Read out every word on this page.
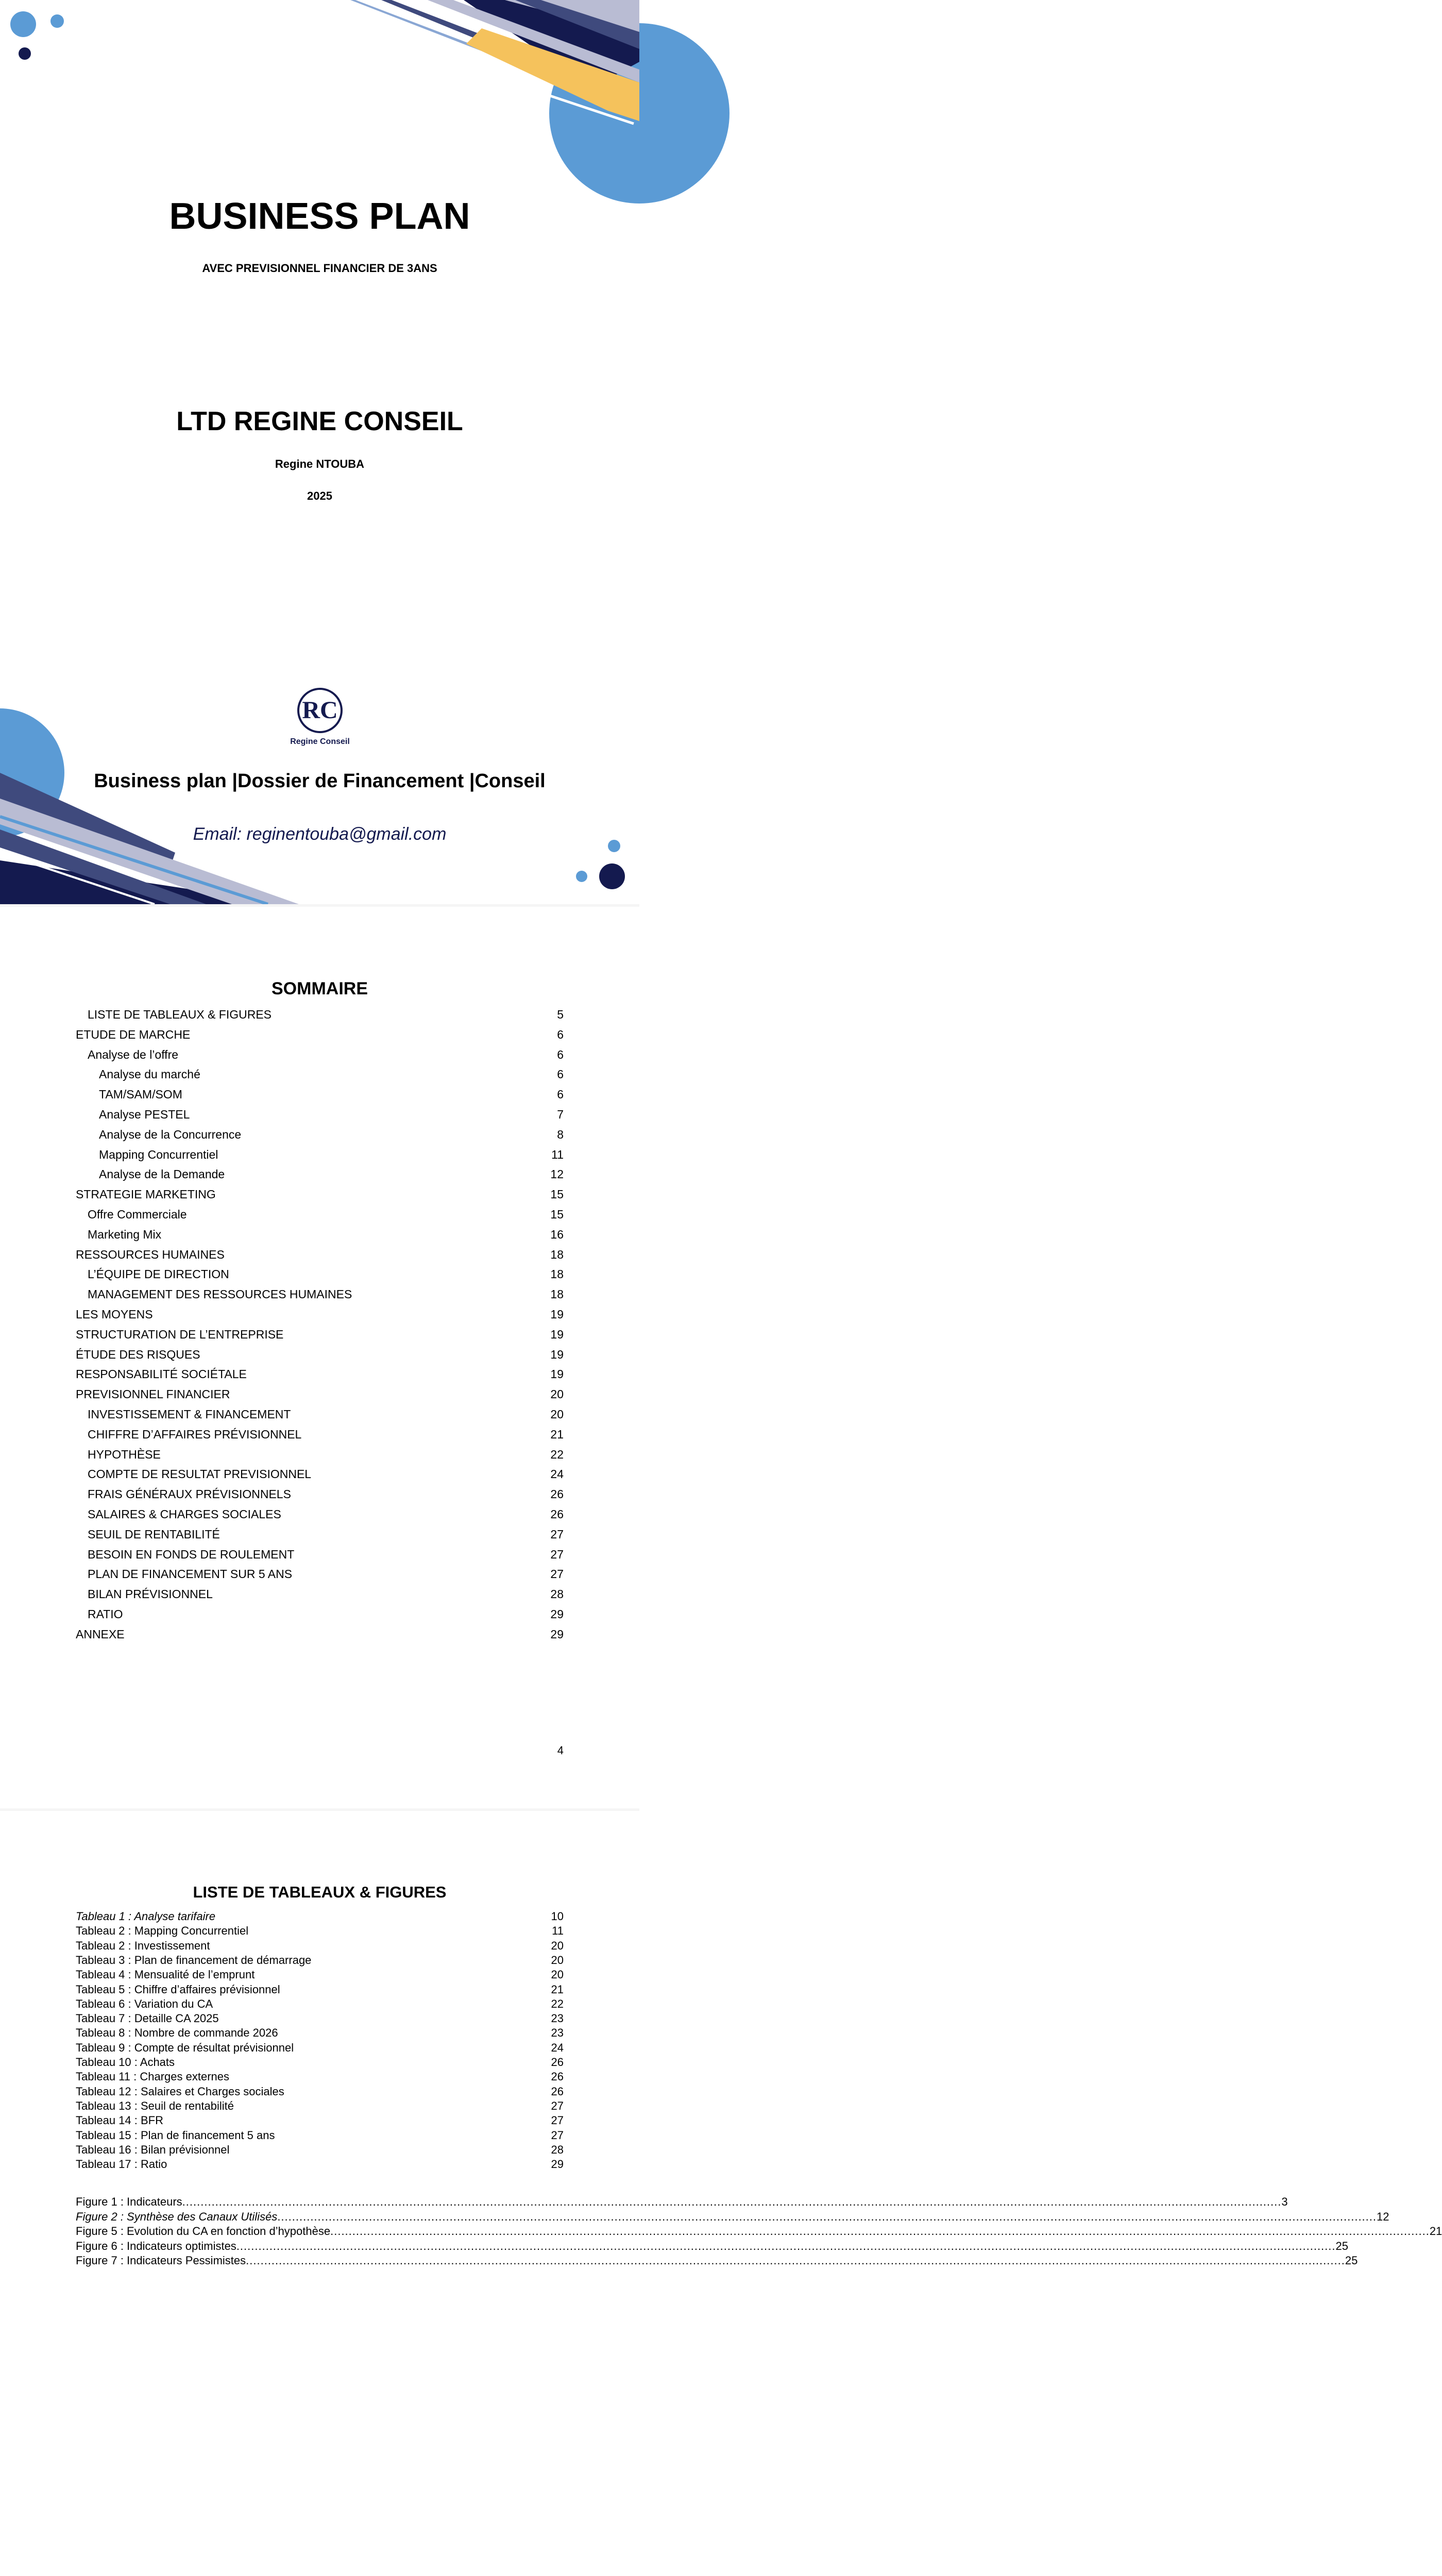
BUSINESS PLAN
AVEC PREVISIONNEL FINANCIER DE 3ANS
LTD REGINE CONSEIL
Regine NTOUBA
2025
RC
Regine Conseil
Business plan |Dossier de Financement |Conseil
Email: reginentouba@gmail.com
SOMMAIRE
LISTE DE TABLEAUX & FIGURES	5
ETUDE DE MARCHE	6
Analyse de l’offre	6
Analyse du marché	6
TAM/SAM/SOM	6
Analyse PESTEL	7
Analyse de la Concurrence	8
Mapping Concurrentiel	11
Analyse de la Demande	12
STRATEGIE MARKETING	15
Offre Commerciale	15
Marketing Mix	16
RESSOURCES HUMAINES	18
L’ÉQUIPE DE DIRECTION	18
MANAGEMENT DES RESSOURCES HUMAINES	18
LES MOYENS	19
STRUCTURATION DE L’ENTREPRISE	19
ÉTUDE DES RISQUES	19
RESPONSABILITÉ SOCIÉTALE	19
PREVISIONNEL FINANCIER	20
INVESTISSEMENT & FINANCEMENT	20
CHIFFRE D’AFFAIRES PRÉVISIONNEL	21
HYPOTHÈSE	22
COMPTE DE RESULTAT PREVISIONNEL	24
FRAIS GÉNÉRAUX PRÉVISIONNELS	26
SALAIRES & CHARGES SOCIALES	26
SEUIL DE RENTABILITÉ	27
BESOIN EN FONDS DE ROULEMENT	27
PLAN DE FINANCEMENT SUR 5 ANS	27
BILAN PRÉVISIONNEL	28
RATIO	29
ANNEXE	29
4
LISTE DE TABLEAUX & FIGURES
Tableau 1 : Analyse tarifaire	10
Tableau 2 : Mapping Concurrentiel	11
Tableau 2 : Investissement	20
Tableau 3 : Plan de financement de démarrage	20
Tableau 4 : Mensualité de l’emprunt	20
Tableau 5 : Chiffre d’affaires prévisionnel	21
Tableau 6 : Variation du CA	22
Tableau 7 : Detaille CA 2025	23
Tableau 8 : Nombre de commande 2026	23
Tableau 9 : Compte de résultat prévisionnel	24
Tableau 10 : Achats	26
Tableau 11 : Charges externes	26
Tableau 12 : Salaires et Charges sociales	26
Tableau 13 : Seuil de rentabilité	27
Tableau 14 : BFR	27
Tableau 15 : Plan de financement 5 ans	27
Tableau 16 : Bilan prévisionnel	28
Tableau 17 : Ratio	29
Figure 1 : Indicateurs ............................................................................................................................................................................................................................................................................................................ 3
Figure 2 : Synthèse des Canaux Utilisés ............................................................................................................................................................................................................................................................................................................ 12
Figure 5 : Evolution du CA en fonction d’hypothèse ............................................................................................................................................................................................................................................................................................................ 21
Figure 6 : Indicateurs optimistes ............................................................................................................................................................................................................................................................................................................ 25
Figure 7 : Indicateurs Pessimistes ............................................................................................................................................................................................................................................................................................................ 25
